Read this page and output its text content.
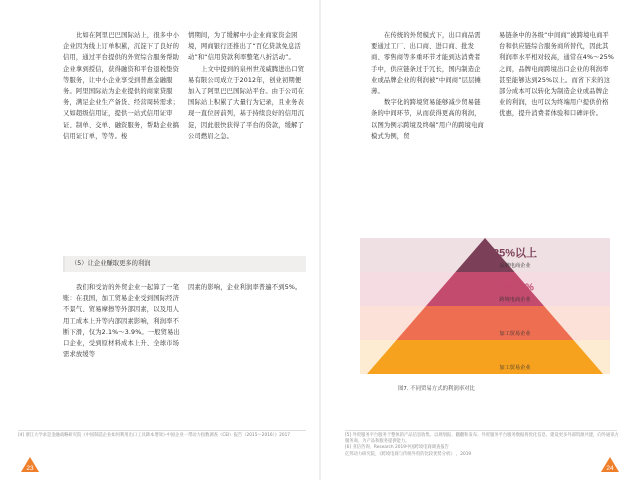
比如在阿里巴巴国际站上，很多中小企业因为线上订单积累，沉淀下了良好的信用，通过平台提供的外贸综合服务帮助企业拿到授信，获得融资和平台退税垫资等服务，让中小企业享受到普惠金融服务。阿里国际站为企业提供的商家贷服务，满足企业生产备货、经营周转需求；又如超级信用证，提供一站式信用证审证、制单、交单、融资服务，帮助企业搞信用证订单，等等。梭

情期间，为了缓解中小企业商家资金困境，网商银行还推出了“百亿贷款免息活动”和“信用贷款利率整笔八折活动”。

上文中提到的泉州世茂威腾进出口贸易有限公司成立于2012年，创业初期便加入了阿里巴巴国际站平台。由于公司在国际站上积累了大量行为记录，且业务表现一直位居前列，基于持续良好的信用沉淀，因此很快获得了平台的贷款，缓解了公司燃眉之急。

（5）让企业赚取更多的利润

我们和受访的外贸企业一起算了一笔账：在我国，加工贸易企业受到国际经济不景气、贸易摩擦等外部因素，以及用人用工成本上升等内部因素影响，利润率不断下滑，仅为2.1%～3.9%。一般贸易出口企业，受到原材料成本上升、全球市场需求放缓等

因素的影响，企业利润率普遍不到5%。

[4] 浙江大学求是金融战略研究院《中国制造企业如何利用出口工具降本增效》·中国企业一带动力指数调查（CEI）报告（2015～2016）》2017
23

在传统的外贸模式下，出口商品需要通过工厂、出口商、进口商、批发商、零售商等多重环节才能到达消费者手中，供应链条过于冗长，国内制造企业或品牌企业的利润被“中间商”层层摊薄。

数字化的跨境贸易能够减少贸易链条的中间环节，从而获得更高的利润，以图为例示跨境及终端”用户的跨境电商模式为例，贸

易链条中的各级“中间商”被跨境电商平台和供应链综合服务商所替代，因此其利润率水平相对较高，通常在4%～25%之间，品牌电商跨境出口企业的利润率甚至能够达到25%以上。而省下来的这部分成本可以转化为制造企业或品牌企业的利润，也可以为终端用户提供价格优惠，提升消费者体验和口碑评价。

25%以上
品牌电商企业
4%-25%
跨境电商企业
低于5%
加工贸易企业
2.1%-3.9%
加工贸易企业
图7. 不同贸易方式的利润率对比
[5] 外贸服务平台服务于整体的产品信息收集、以规划报、翻翻和发布；外贸服务平台服务数据将优化信息，建设更多外部资源共建，向外通讯方服务商，为产品和服务提供能力。
[6] 亚信咨询，Research 2019中国跨境电商调查报告
亿邦动力研究院，《跨境电商与传统外贸的比较优势分析》 ，2019
24
